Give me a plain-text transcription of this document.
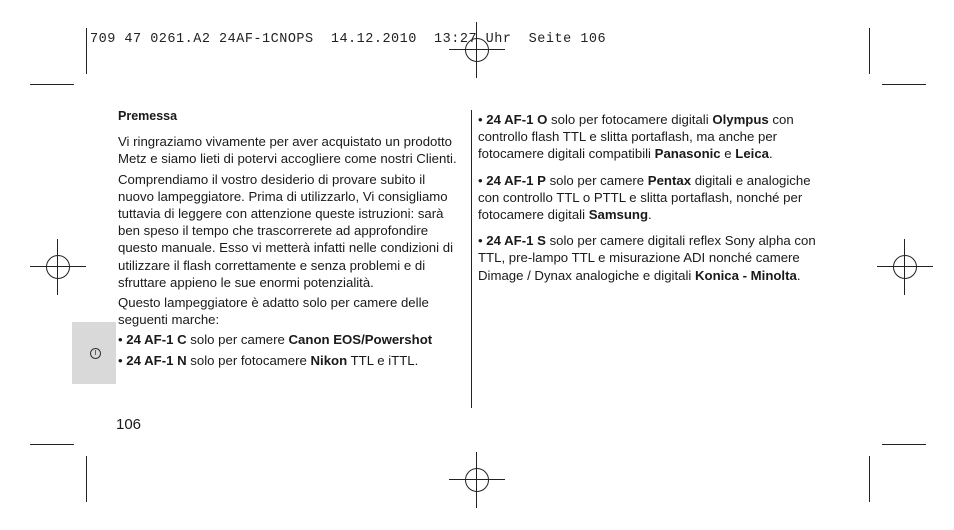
709 47 0261.A2 24AF-1CNOPS  14.12.2010  13:27 Uhr  Seite 106
I

Premessa

Vi ringraziamo vivamente per aver acquistato un prodotto Metz e siamo lieti di potervi accogliere come nostri Clienti.

Comprendiamo il vostro desiderio di provare subito il nuovo lampeggiatore. Prima di utilizzarlo, Vi consigliamo tuttavia di leggere con attenzione queste istruzioni: sarà ben speso il tempo che trascorrerete ad approfondire questo manuale. Esso vi metterà infatti nelle condizioni di utilizzare il flash correttamente e senza problemi e di sfruttare appieno le sue enormi potenzialità.

Questo lampeggiatore è adatto solo per camere delle seguenti marche:

• 24 AF-1 C solo per camere Canon EOS/Powershot

• 24 AF-1 N solo per fotocamere Nikon TTL e iTTL.

• 24 AF-1 O solo per fotocamere digitali Olympus con controllo flash TTL e slitta portaflash, ma anche per fotocamere digitali compatibili Panasonic e Leica.

• 24 AF-1 P solo per camere Pentax digitali e analogiche con controllo TTL o PTTL e slitta portaflash, nonché per fotocamere digitali Samsung.

• 24 AF-1 S solo per camere digitali reflex Sony alpha con TTL, pre-lampo TTL e misurazione ADI nonché camere Dimage / Dynax analogiche e digitali Konica - Minolta.

106
